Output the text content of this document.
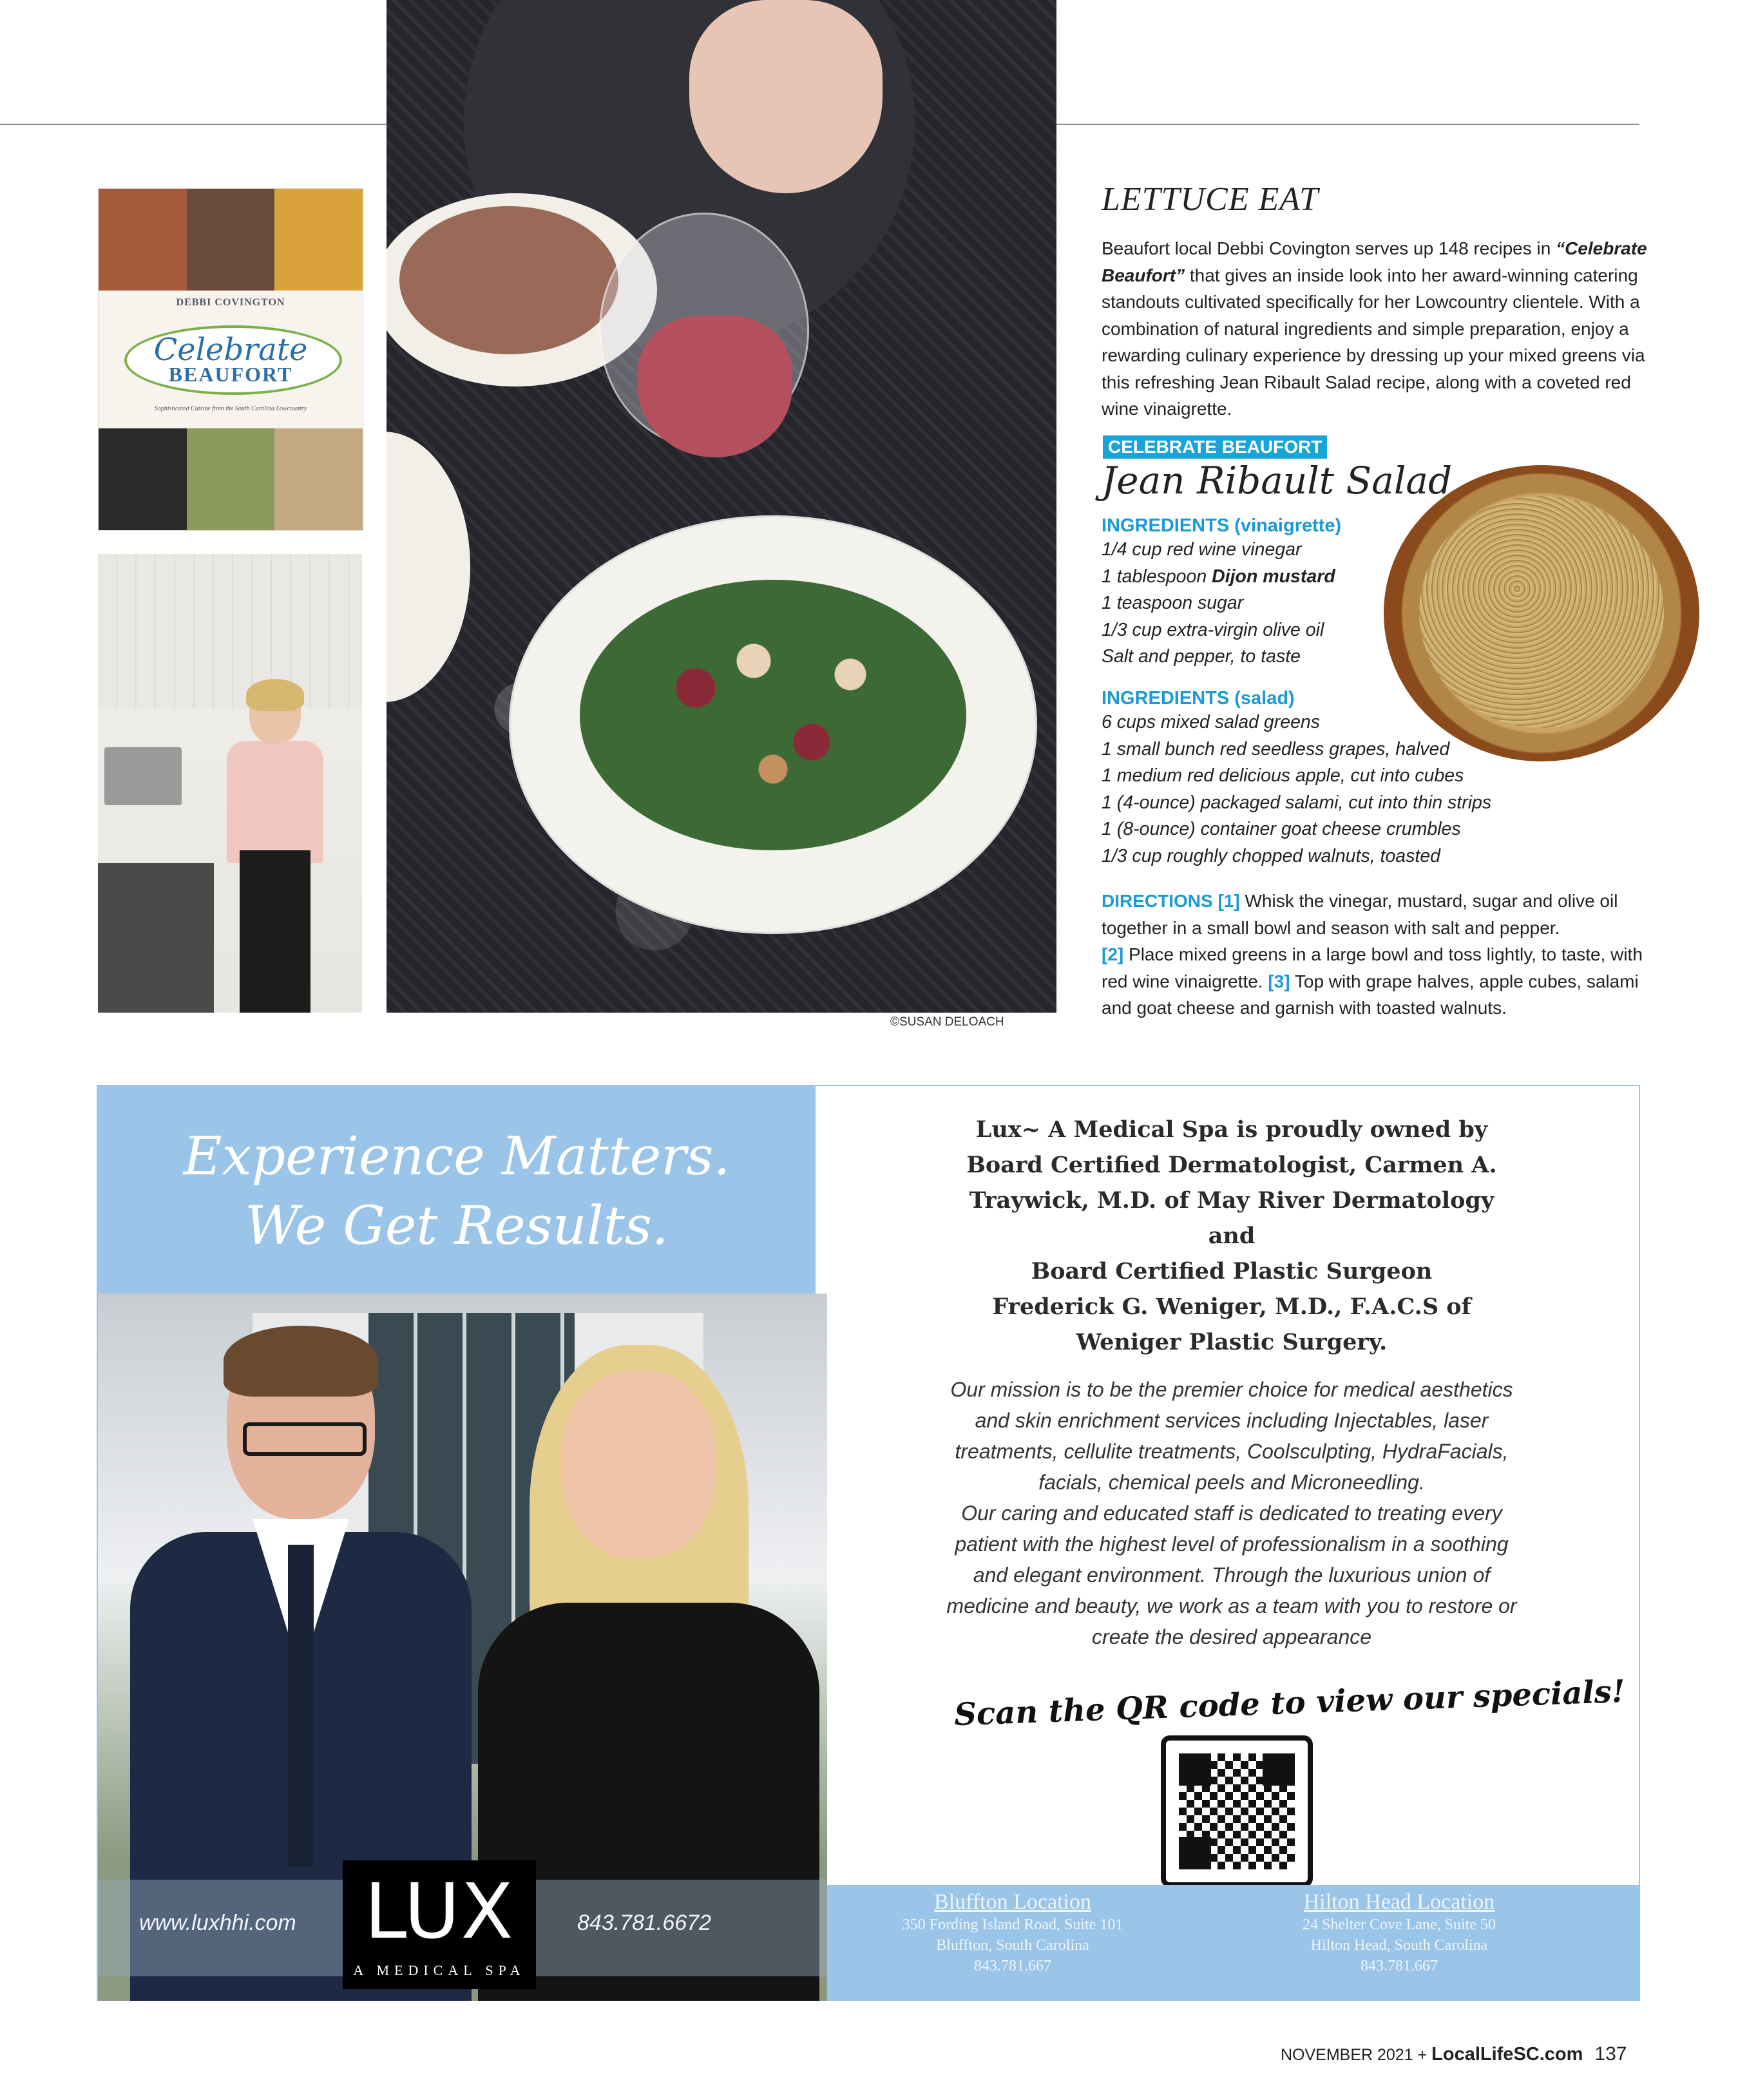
DEBBI COVINGTON
Celebrate
BEAUFORT
Sophisticated Cuisine from the South Carolina Lowcountry
©SUSAN DELOACH
LETTUCE EAT
Beaufort local Debbi Covington serves up 148 recipes in “Celebrate Beaufort” that gives an inside look into her award-winning catering standouts cultivated specifically for her Lowcountry clientele. With a combination of natural ingredients and simple preparation, enjoy a rewarding culinary experience by dressing up your mixed greens via this refreshing Jean Ribault Salad recipe, along with a coveted red wine vinaigrette.
CELEBRATE BEAUFORT
Jean Ribault Salad
INGREDIENTS (vinaigrette)
1/4 cup red wine vinegar
1 tablespoon Dijon mustard
1 teaspoon sugar
1/3 cup extra-virgin olive oil
Salt and pepper, to taste
INGREDIENTS (salad)
6 cups mixed salad greens
1 small bunch red seedless grapes, halved
1 medium red delicious apple, cut into cubes
1 (4-ounce) packaged salami, cut into thin strips
1 (8-ounce) container goat cheese crumbles
1/3 cup roughly chopped walnuts, toasted
DIRECTIONS [1] Whisk the vinegar, mustard, sugar and olive oil together in a small bowl and season with salt and pepper.
[2] Place mixed greens in a large bowl and toss lightly, to taste, with red wine vinaigrette. [3] Top with grape halves, apple cubes, salami and goat cheese and garnish with toasted walnuts.
Experience Matters.
We Get Results.
www.luxhhi.com	843.781.6672
LUX
A MEDICAL SPA
Lux~ A Medical Spa is proudly owned by
Board Certified Dermatologist, Carmen A.
Traywick, M.D. of May River Dermatology
and
Board Certified Plastic Surgeon
Frederick G. Weniger, M.D., F.A.C.S of
Weniger Plastic Surgery.
Our mission is to be the premier choice for medical aesthetics
and skin enrichment services including Injectables, laser
treatments, cellulite treatments, Coolsculpting, HydraFacials,
facials, chemical peels and Microneedling.
Our caring and educated staff is dedicated to treating every
patient with the highest level of professionalism in a soothing
and elegant environment. Through the luxurious union of
medicine and beauty, we work as a team with you to restore or
create the desired appearance
Scan the QR code to view our specials!
Bluffton Location
350 Fording Island Road, Suite 101
Bluffton, South Carolina
843.781.667
Hilton Head Location
24 Shelter Cove Lane, Suite 50
Hilton Head, South Carolina
843.781.667
NOVEMBER 2021 + LocalLifeSC.com 137
